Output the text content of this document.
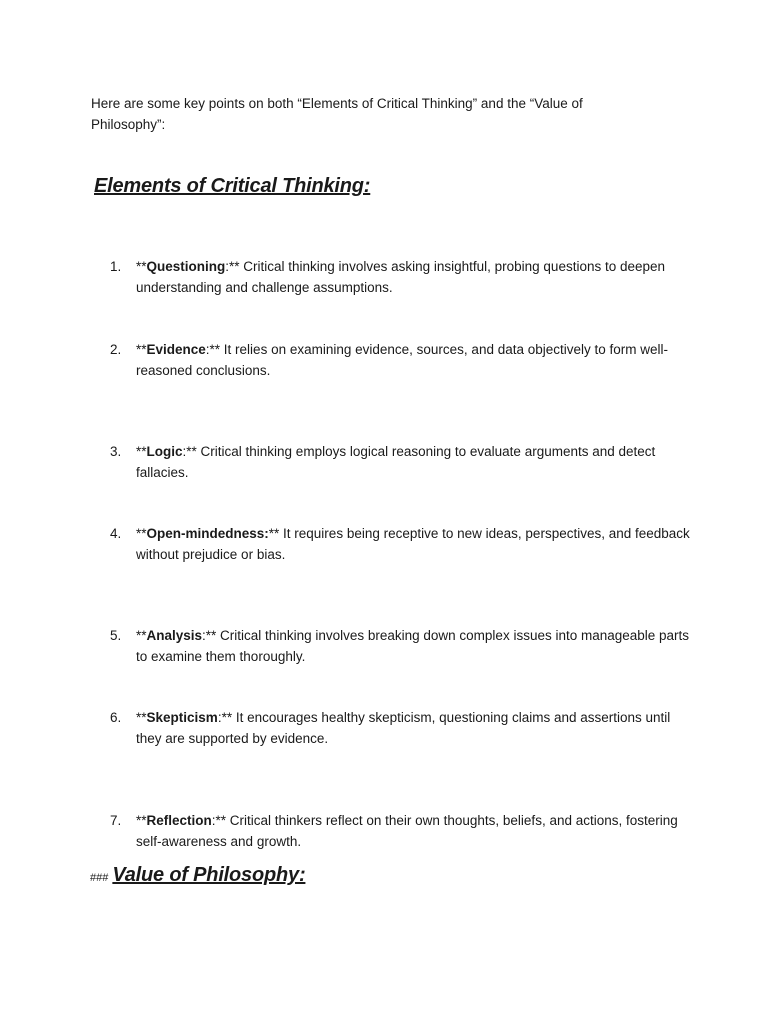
Here are some key points on both “Elements of Critical Thinking” and the “Value of Philosophy”:

Elements of Critical Thinking:
1.	**Questioning:** Critical thinking involves asking insightful, probing questions to deepen understanding and challenge assumptions.
2.	**Evidence:** It relies on examining evidence, sources, and data objectively to form well-reasoned conclusions.
3.	**Logic:** Critical thinking employs logical reasoning to evaluate arguments and detect fallacies.
4.	**Open-mindedness:** It requires being receptive to new ideas, perspectives, and feedback without prejudice or bias.
5.	**Analysis:** Critical thinking involves breaking down complex issues into manageable parts to examine them thoroughly.
6.	**Skepticism:** It encourages healthy skepticism, questioning claims and assertions until they are supported by evidence.
7.	**Reflection:** Critical thinkers reflect on their own thoughts, beliefs, and actions, fostering self-awareness and growth.
### Value of Philosophy:
